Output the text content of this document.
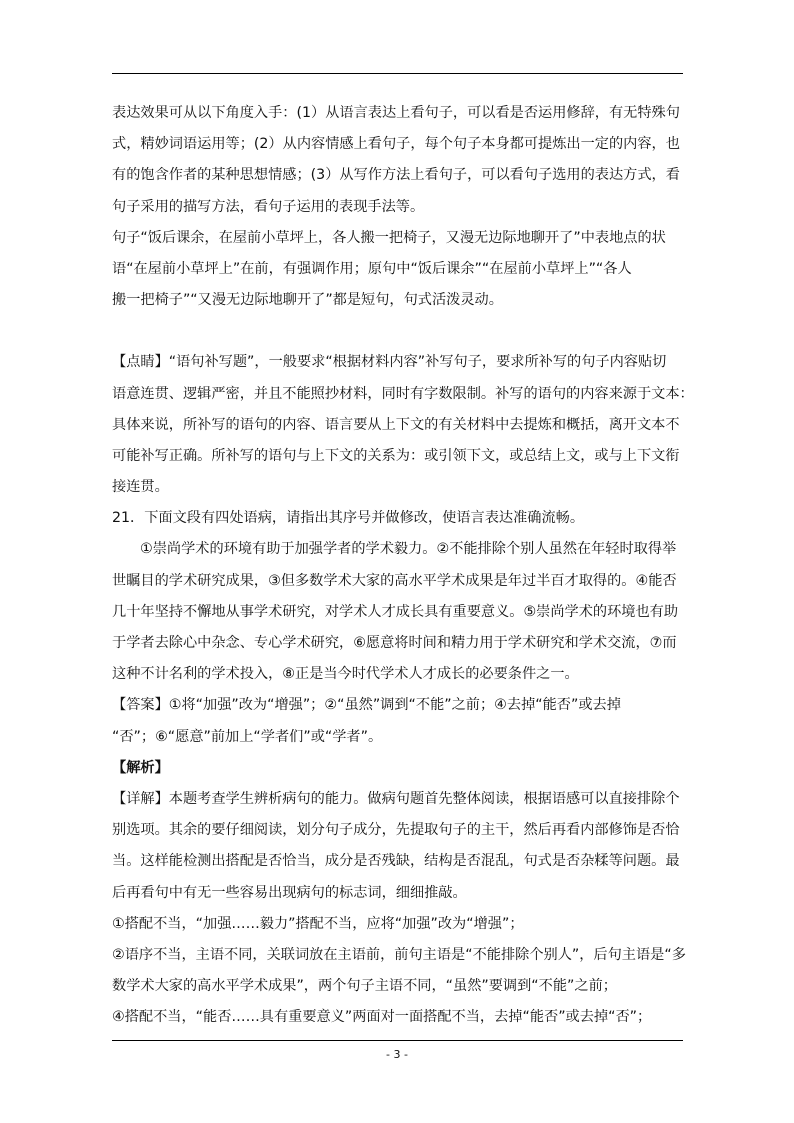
表达效果可从以下角度入手：(1）从语言表达上看句子，可以看是否运用修辞，有无特殊句
式，精妙词语运用等；(2）从内容情感上看句子，每个句子本身都可提炼出一定的内容，也
有的饱含作者的某种思想情感；(3）从写作方法上看句子，可以看句子选用的表达方式，看
句子采用的描写方法，看句子运用的表现手法等。
句子“饭后课余，在屋前小草坪上，各人搬一把椅子，又漫无边际地聊开了”中表地点的状
语“在屋前小草坪上”在前，有强调作用；原句中“饭后课余”“在屋前小草坪上”“各人
搬一把椅子”“又漫无边际地聊开了”都是短句，句式活泼灵动。
【点睛】“语句补写题”，一般要求“根据材料内容”补写句子，要求所补写的句子内容贴切
语意连贯、逻辑严密，并且不能照抄材料，同时有字数限制。补写的语句的内容来源于文本：
具体来说，所补写的语句的内容、语言要从上下文的有关材料中去提炼和概括，离开文本不
可能补写正确。所补写的语句与上下文的关系为：或引领下文，或总结上文，或与上下文衔
接连贯。
21．下面文段有四处语病，请指出其序号并做修改，使语言表达准确流畅。
①崇尚学术的环境有助于加强学者的学术毅力。②不能排除个别人虽然在年轻时取得举
世瞩目的学术研究成果，③但多数学术大家的高水平学术成果是年过半百才取得的。④能否
几十年坚持不懈地从事学术研究，对学术人才成长具有重要意义。⑤崇尚学术的环境也有助
于学者去除心中杂念、专心学术研究，⑥愿意将时间和精力用于学术研究和学术交流，⑦而
这种不计名利的学术投入，⑧正是当今时代学术人才成长的必要条件之一。
【答案】①将“加强”改为“增强”；②“虽然”调到“不能”之前；④去掉“能否”或去掉
“否”；⑥“愿意”前加上“学者们”或“学者”。
【解析】
【详解】本题考查学生辨析病句的能力。做病句题首先整体阅读，根据语感可以直接排除个
别选项。其余的要仔细阅读，划分句子成分，先提取句子的主干，然后再看内部修饰是否恰
当。这样能检测出搭配是否恰当，成分是否残缺，结构是否混乱，句式是否杂糅等问题。最
后再看句中有无一些容易出现病句的标志词，细细推敲。
①搭配不当，“加强……毅力”搭配不当，应将“加强”改为“增强”；
②语序不当，主语不同，关联词放在主语前，前句主语是“不能排除个别人”，后句主语是“多
数学术大家的高水平学术成果”，两个句子主语不同，“虽然”要调到“不能”之前；
④搭配不当，“能否……具有重要意义”两面对一面搭配不当，去掉“能否”或去掉“否”；
- 3 -
